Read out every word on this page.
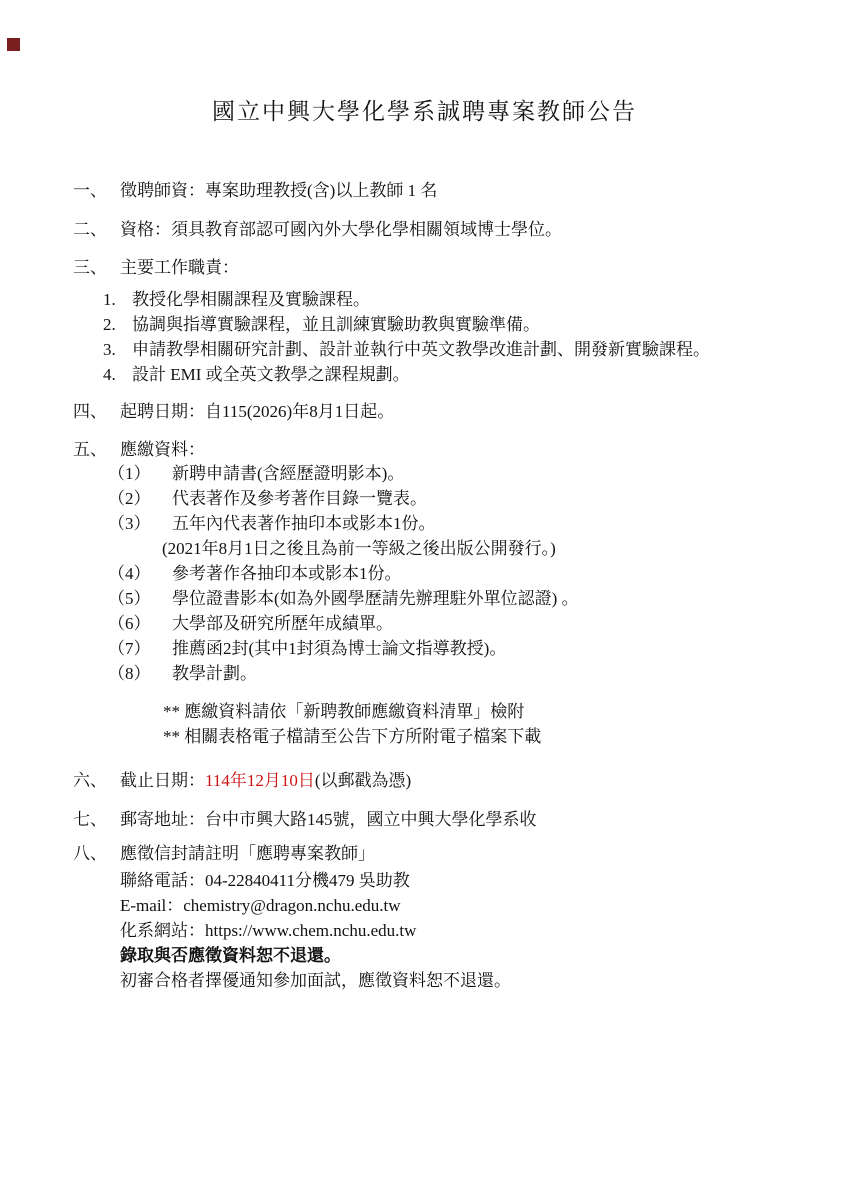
國立中興大學化學系誠聘專案教師公告
一、 徵聘師資：專案助理教授(含)以上教師 1 名
二、 資格：須具教育部認可國內外大學化學相關領域博士學位。
三、 主要工作職責：
1. 教授化學相關課程及實驗課程。
2. 協調與指導實驗課程，並且訓練實驗助教與實驗準備。
3. 申請教學相關研究計劃、設計並執行中英文教學改進計劃、開發新實驗課程。
4. 設計 EMI 或全英文教學之課程規劃。
四、 起聘日期：自115(2026)年8月1日起。
五、 應繳資料：
（1）	新聘申請書(含經歷證明影本)。
（2）	代表著作及參考著作目錄一覽表。
（3）	五年內代表著作抽印本或影本1份。
(2021年8月1日之後且為前一等級之後出版公開發行。)
（4）	參考著作各抽印本或影本1份。
（5）	學位證書影本(如為外國學歷請先辦理駐外單位認證) 。
（6）	大學部及研究所歷年成績單。
（7）	推薦函2封(其中1封須為博士論文指導教授)。
（8）	教學計劃。
** 應繳資料請依「新聘教師應繳資料清單」檢附
** 相關表格電子檔請至公告下方所附電子檔案下載
六、 截止日期：114年12月10日(以郵戳為憑)
七、 郵寄地址：台中市興大路145號，國立中興大學化學系收
八、 應徵信封請註明「應聘專案教師」
聯絡電話：04-22840411分機479 吳助教
E-mail：chemistry@dragon.nchu.edu.tw
化系網站：https://www.chem.nchu.edu.tw
錄取與否應徵資料恕不退還。
初審合格者擇優通知參加面試，應徵資料恕不退還。
